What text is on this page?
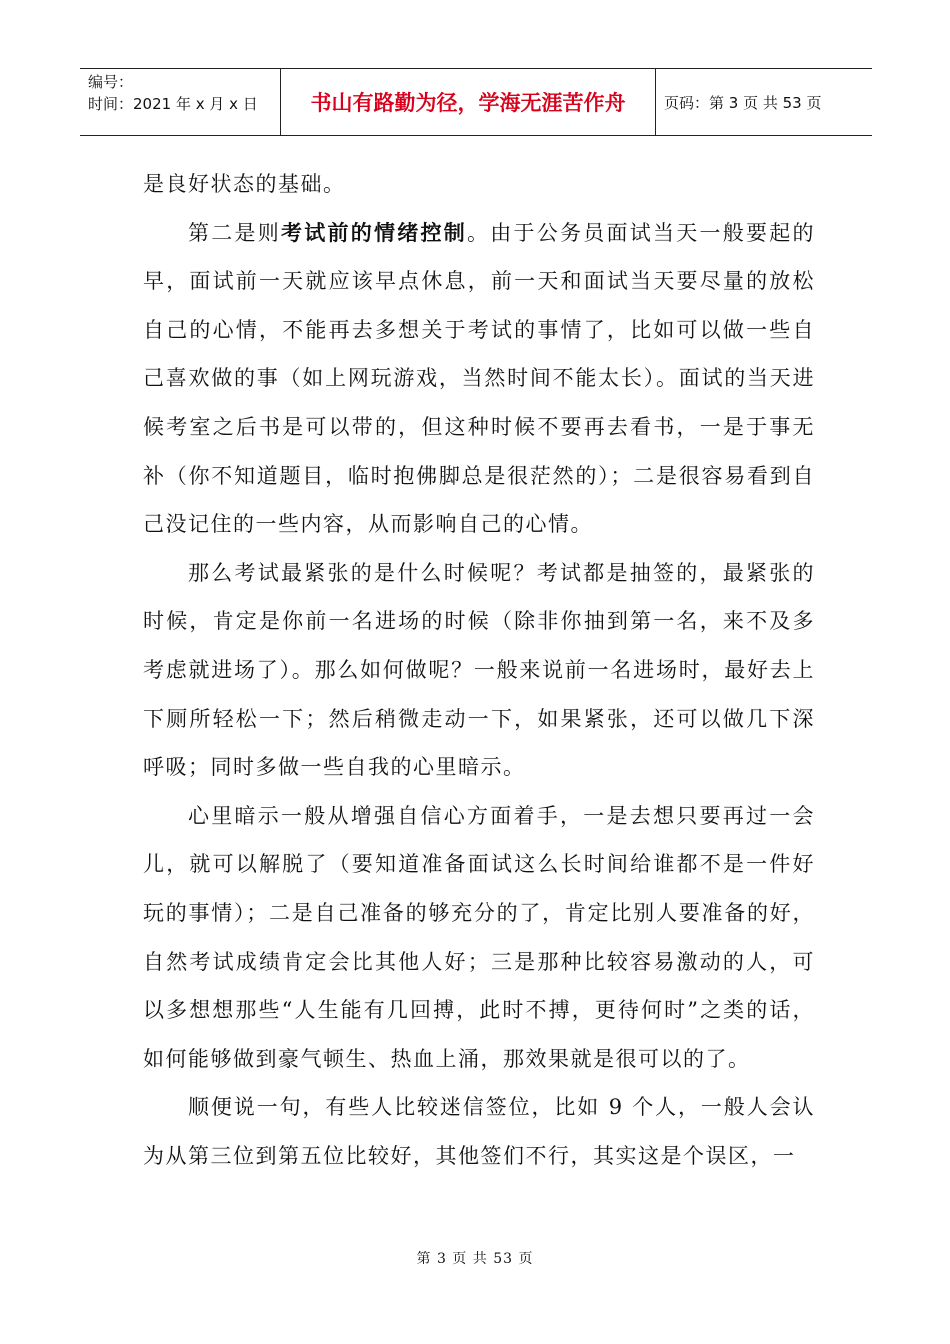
编号：
时间：2021 年 x 月 x 日	书山有路勤为径，学海无涯苦作舟	页码：第 3 页 共 53 页

是良好状态的基础。

第二是则考试前的情绪控制。由于公务员面试当天一般要起的早，面试前一天就应该早点休息，前一天和面试当天要尽量的放松自己的心情，不能再去多想关于考试的事情了，比如可以做一些自己喜欢做的事（如上网玩游戏，当然时间不能太长）。面试的当天进候考室之后书是可以带的，但这种时候不要再去看书，一是于事无补（你不知道题目，临时抱佛脚总是很茫然的）；二是很容易看到自己没记住的一些内容，从而影响自己的心情。

那么考试最紧张的是什么时候呢？考试都是抽签的，最紧张的时候，肯定是你前一名进场的时候（除非你抽到第一名，来不及多考虑就进场了）。那么如何做呢？一般来说前一名进场时，最好去上下厕所轻松一下；然后稍微走动一下，如果紧张，还可以做几下深呼吸；同时多做一些自我的心里暗示。

心里暗示一般从增强自信心方面着手，一是去想只要再过一会儿，就可以解脱了（要知道准备面试这么长时间给谁都不是一件好玩的事情）；二是自己准备的够充分的了，肯定比别人要准备的好，自然考试成绩肯定会比其他人好；三是那种比较容易激动的人，可以多想想那些“人生能有几回搏，此时不搏，更待何时”之类的话，如何能够做到豪气顿生、热血上涌，那效果就是很可以的了。

顺便说一句，有些人比较迷信签位，比如 9 个人，一般人会认为从第三位到第五位比较好，其他签们不行，其实这是个误区，一

第 3 页 共 53 页
